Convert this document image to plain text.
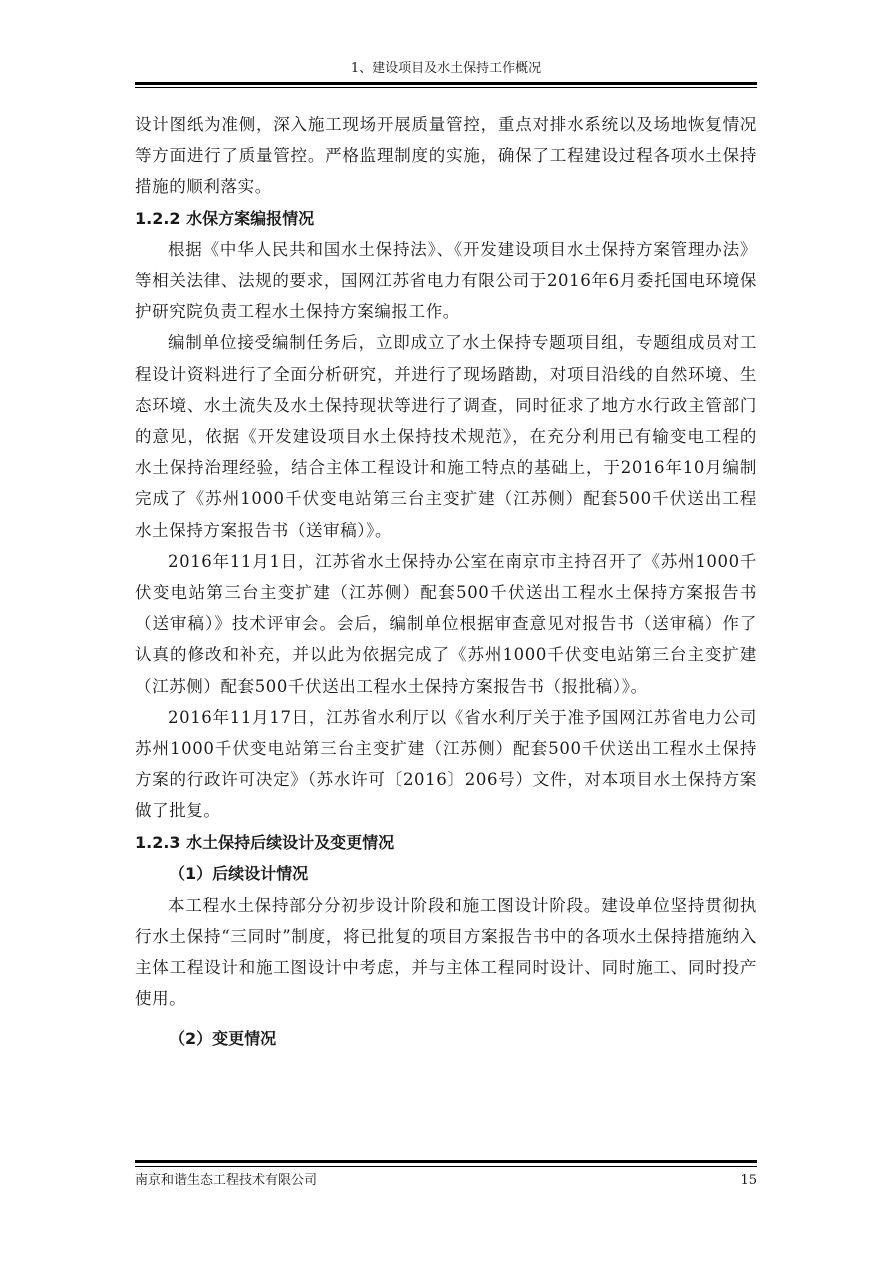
1、建设项目及水土保持工作概况

设计图纸为准侧，深入施工现场开展质量管控，重点对排水系统以及场地恢复情况等方面进行了质量管控。严格监理制度的实施，确保了工程建设过程各项水土保持措施的顺利落实。

1.2.2 水保方案编报情况

根据《中华人民共和国水土保持法》、《开发建设项目水土保持方案管理办法》等相关法律、法规的要求，国网江苏省电力有限公司于2016年6月委托国电环境保护研究院负责工程水土保持方案编报工作。

编制单位接受编制任务后，立即成立了水土保持专题项目组，专题组成员对工程设计资料进行了全面分析研究，并进行了现场踏勘，对项目沿线的自然环境、生态环境、水土流失及水土保持现状等进行了调查，同时征求了地方水行政主管部门的意见，依据《开发建设项目水土保持技术规范》，在充分利用已有输变电工程的水土保持治理经验，结合主体工程设计和施工特点的基础上，于2016年10月编制完成了《苏州1000千伏变电站第三台主变扩建（江苏侧）配套500千伏送出工程水土保持方案报告书（送审稿）》。

2016年11月1日，江苏省水土保持办公室在南京市主持召开了《苏州1000千伏变电站第三台主变扩建（江苏侧）配套500千伏送出工程水土保持方案报告书（送审稿）》技术评审会。会后，编制单位根据审查意见对报告书（送审稿）作了认真的修改和补充，并以此为依据完成了《苏州1000千伏变电站第三台主变扩建（江苏侧）配套500千伏送出工程水土保持方案报告书（报批稿）》。

2016年11月17日，江苏省水利厅以《省水利厅关于准予国网江苏省电力公司苏州1000千伏变电站第三台主变扩建（江苏侧）配套500千伏送出工程水土保持方案的行政许可决定》（苏水许可〔2016〕206号）文件，对本项目水土保持方案做了批复。

1.2.3 水土保持后续设计及变更情况

（1）后续设计情况

本工程水土保持部分分初步设计阶段和施工图设计阶段。建设单位坚持贯彻执行水土保持“三同时”制度，将已批复的项目方案报告书中的各项水土保持措施纳入主体工程设计和施工图设计中考虑，并与主体工程同时设计、同时施工、同时投产使用。

（2）变更情况

南京和谐生态工程技术有限公司	15
